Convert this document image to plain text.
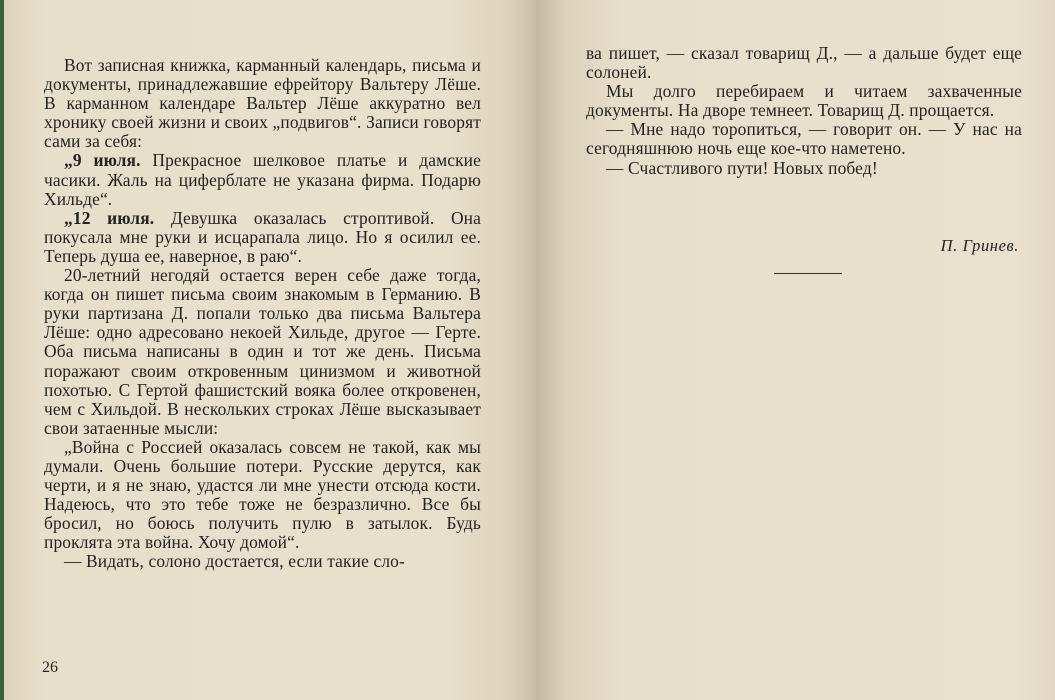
Вот записная книжка, карманный календарь, письма и документы, принадлежавшие ефрейтору Вальтеру Лёше. В карманном календаре Вальтер Лёше аккуратно вел хронику своей жизни и своих „подвигов“. Записи говорят сами за себя:

„9 июля. Прекрасное шелковое платье и дамские часики. Жаль на циферблате не указана фирма. Подарю Хильде“.

„12 июля. Девушка оказалась строптивой. Она покусала мне руки и исцарапала лицо. Но я осилил ее. Теперь душа ее, наверное, в раю“.

20-летний негодяй остается верен себе даже тогда, когда он пишет письма своим знакомым в Германию. В руки партизана Д. попали только два письма Вальтера Лёше: одно адресовано некоей Хильде, другое — Герте. Оба письма написаны в один и тот же день. Письма поражают своим откровенным цинизмом и животной похотью. С Гертой фашистский вояка более откровенен, чем с Хильдой. В нескольких строках Лёше высказывает свои затаенные мысли:

„Война с Россией оказалась совсем не такой, как мы думали. Очень большие потери. Русские дерутся, как черти, и я не знаю, удастся ли мне унести отсюда кости. Надеюсь, что это тебе тоже не безразлично. Все бы бросил, но боюсь получить пулю в затылок. Будь проклята эта война. Хочу домой“.

— Видать, солоно достается, если такие сло-

26

ва пишет, — сказал товарищ Д., — а дальше будет еще солоней.

Мы долго перебираем и читаем захваченные документы. На дворе темнеет. Товарищ Д. прощается.

— Мне надо торопиться, — говорит он. — У нас на сегодняшнюю ночь еще кое-что наметено.

— Счастливого пути! Новых побед!

П. Гринев.
